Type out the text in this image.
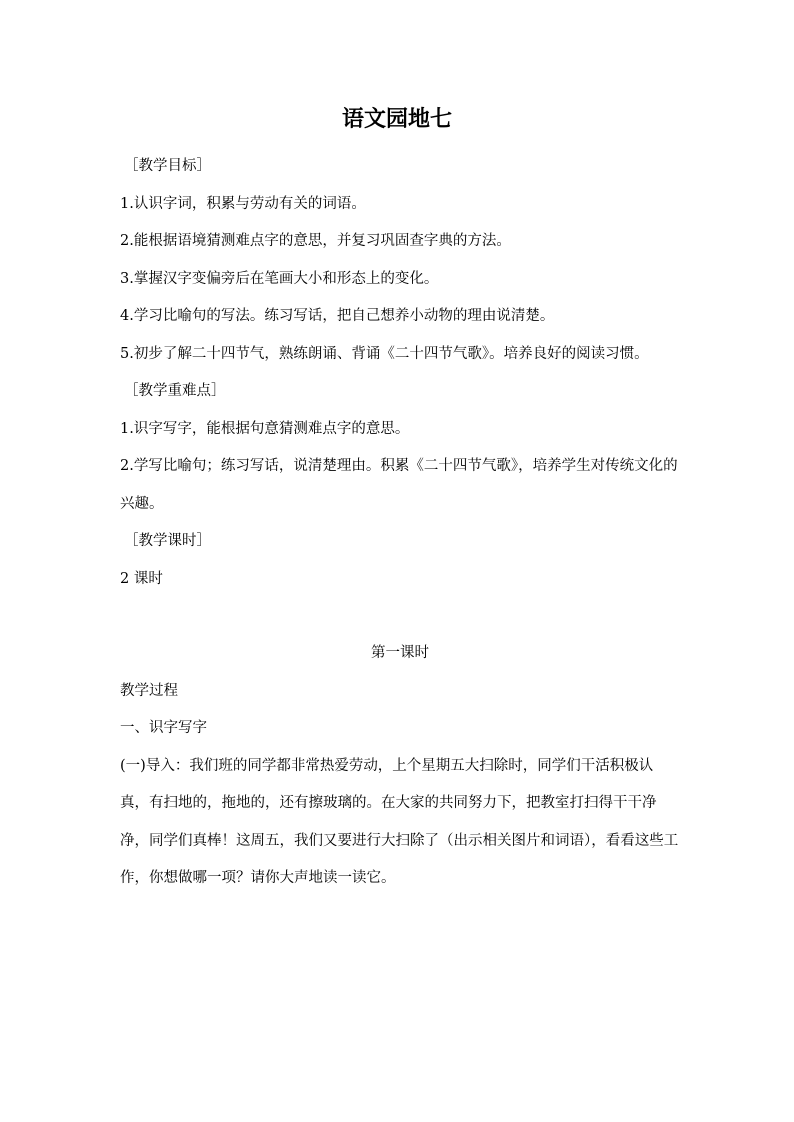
语文园地七

［教学目标］

1.认识字词，积累与劳动有关的词语。

2.能根据语境猜测难点字的意思，并复习巩固查字典的方法。

3.掌握汉字变偏旁后在笔画大小和形态上的变化。

4.学习比喻句的写法。练习写话，把自己想养小动物的理由说清楚。

5.初步了解二十四节气，熟练朗诵、背诵《二十四节气歌》。培养良好的阅读习惯。

［教学重难点］

1.识字写字，能根据句意猜测难点字的意思。

2.学写比喻句；练习写话，说清楚理由。积累《二十四节气歌》，培养学生对传统文化的兴趣。

［教学课时］

2 课时

第一课时

教学过程

一、识字写字

(一)导入：我们班的同学都非常热爱劳动，上个星期五大扫除时，同学们干活积极认真，有扫地的，拖地的，还有擦玻璃的。在大家的共同努力下，把教室打扫得干干净净，同学们真棒！这周五，我们又要进行大扫除了（出示相关图片和词语），看看这些工作，你想做哪一项？请你大声地读一读它。
